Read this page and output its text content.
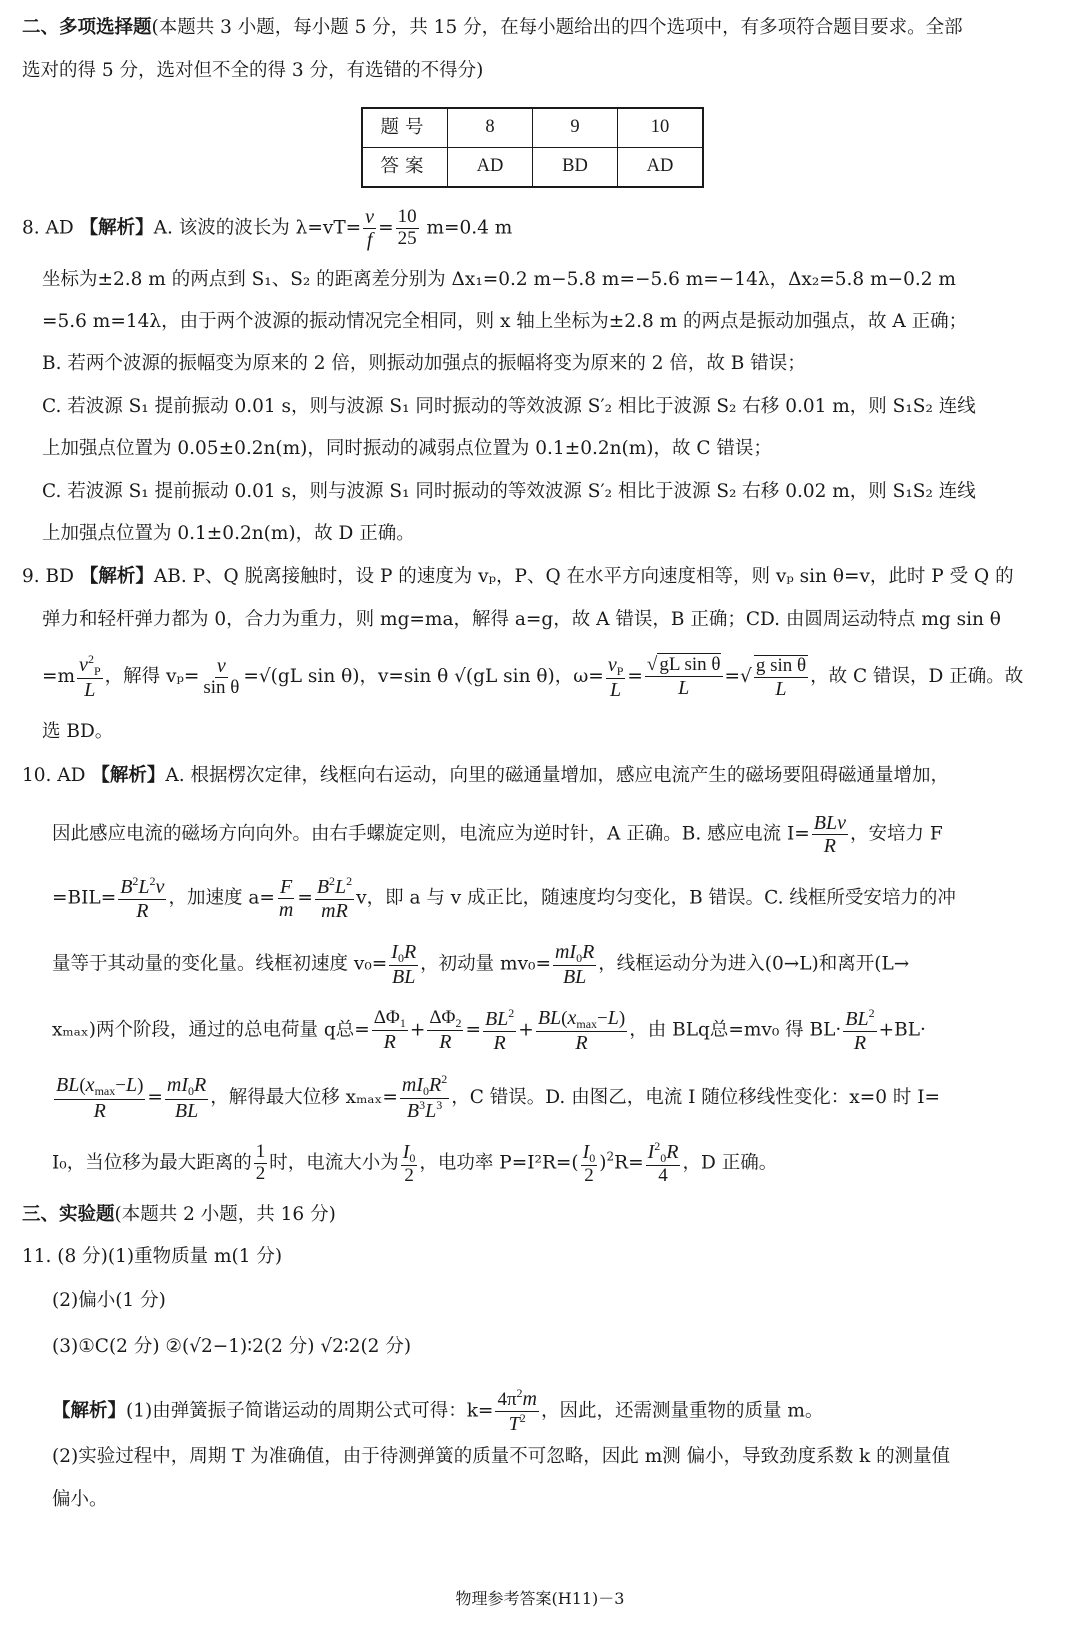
二、多项选择题(本题共 3 小题，每小题 5 分，共 15 分，在每小题给出的四个选项中，有多项符合题目要求。全部
选对的得 5 分，选对但不全的得 3 分，有选错的不得分)
题号	8	9	10
答案	AD	BD	AD
8. AD 【解析】A. 该波的波长为 $\lambda=vT= \frac{v}{f} = \frac{10}{25} m=0.4$ m
坐标为±2.8 m 的两点到 S₁、S₂ 的距离差分别为 Δx₁=0.2 m−5.8 m=−5.6 m=−14λ，Δx₂=5.8 m−0.2 m
=5.6 m=14λ，由于两个波源的振动情况完全相同，则 x 轴上坐标为±2.8 m 的两点是振动加强点，故 A 正确；
B. 若两个波源的振幅变为原来的 2 倍，则振动加强点的振幅将变为原来的 2 倍，故 B 错误；
C. 若波源 S₁ 提前振动 0.01 s，则与波源 S₁ 同时振动的等效波源 S′₂ 相比于波源 S₂ 右移 0.01 m，则 S₁S₂ 连线
上加强点位置为 0.05±0.2n(m)，同时振动的减弱点位置为 0.1±0.2n(m)，故 C 错误；
C. 若波源 S₁ 提前振动 0.01 s，则与波源 S₁ 同时振动的等效波源 S′₂ 相比于波源 S₂ 右移 0.02 m，则 S₁S₂ 连线
上加强点位置为 0.1±0.2n(m)，故 D 正确。
9. BD 【解析】AB. P、Q 脱离接触时，设 P 的速度为 vₚ，P、Q 在水平方向速度相等，则 vₚ sin θ=v，此时 P 受 Q 的
弹力和轻杆弹力都为 0，合力为重力，则 mg=ma，解得 a=g，故 A 错误，B 正确；CD. 由圆周运动特点 mg sin θ
$=m \frac{v^2_P}{L}$ ，解得 $v_p= \frac{v}{\text{sin θ}} =√(gL$ sin θ)，v=sin θ √(gL sin θ)，$\omega= \frac{v_P}{L} = \frac{\text{√ gL sin θ}}{L}$ =√ $\frac{\text{g sin θ}}{L}$ ，故 C 错误，D 正确。故
选 BD。
10. AD 【解析】A. 根据楞次定律，线框向右运动，向里的磁通量增加，感应电流产生的磁场要阻碍磁通量增加，
因此感应电流的磁场方向向外。由右手螺旋定则，电流应为逆时针，A 正确。B. 感应电流 I= BLv
R
，安培力 F
$=BIL= \frac{B^2L^2v}{R}$ ，加速度 $a= \frac{F}{m} = \frac{B^2L^2}{mR}$ v，即 a 与 v 成正比，随速度均匀变化，B 错误。C. 线框所受安培力的冲
量等于其动量的变化量。线框初速度 $v_0= \frac{I_0R}{BL}$ ，初动量 $mv_0= \frac{mI_0R}{BL}$ ，线框运动分为进入(0→L)和离开(L→
xₘₐₓ)两个阶段，通过的总电荷量 q总= $\frac{\Delta\Phi_1}{R} + \frac{\Delta\Phi_2}{R} = \frac{BL^2}{R}$ +
$BL(x_{max}-L)$
R
，由 BLq总=mv₀ 得 $BL\cdot \frac{BL^2}{R} +BL\cdot$
$BL(x_{max}-L)$
R
= $\frac{mI_0R}{BL}$ ，解得最大位移 $x_{max}= \frac{mI_0R^2}{B^3L^3}$ ，C 错误。D. 由图乙，电流 I 随位移线性变化：x=0 时 I=
I₀，当位移为最大距离的 $\frac{1}{2}$ 时，电流大小为 $\frac{I_0}{2}$ ，电功率 $P=I^2R=( \frac{I_0}{2} )^2R= \frac{I^2_0R}{4}$ ，D 正确。
三、实验题(本题共 2 小题，共 16 分)
11. (8 分)(1)重物质量 m(1 分)
(2)偏小(1 分)
(3)①C(2 分) ②(√2−1)∶2(2 分) √2∶2(2 分)
【解析】(1)由弹簧振子简谐运动的周期公式可得：$k= \frac{4\pi^2m}{T^2}$ ，因此，还需测量重物的质量 m。
(2)实验过程中，周期 T 为准确值，由于待测弹簧的质量不可忽略，因此 m测 偏小，导致劲度系数 k 的测量值
偏小。
物理参考答案(H11)－3
